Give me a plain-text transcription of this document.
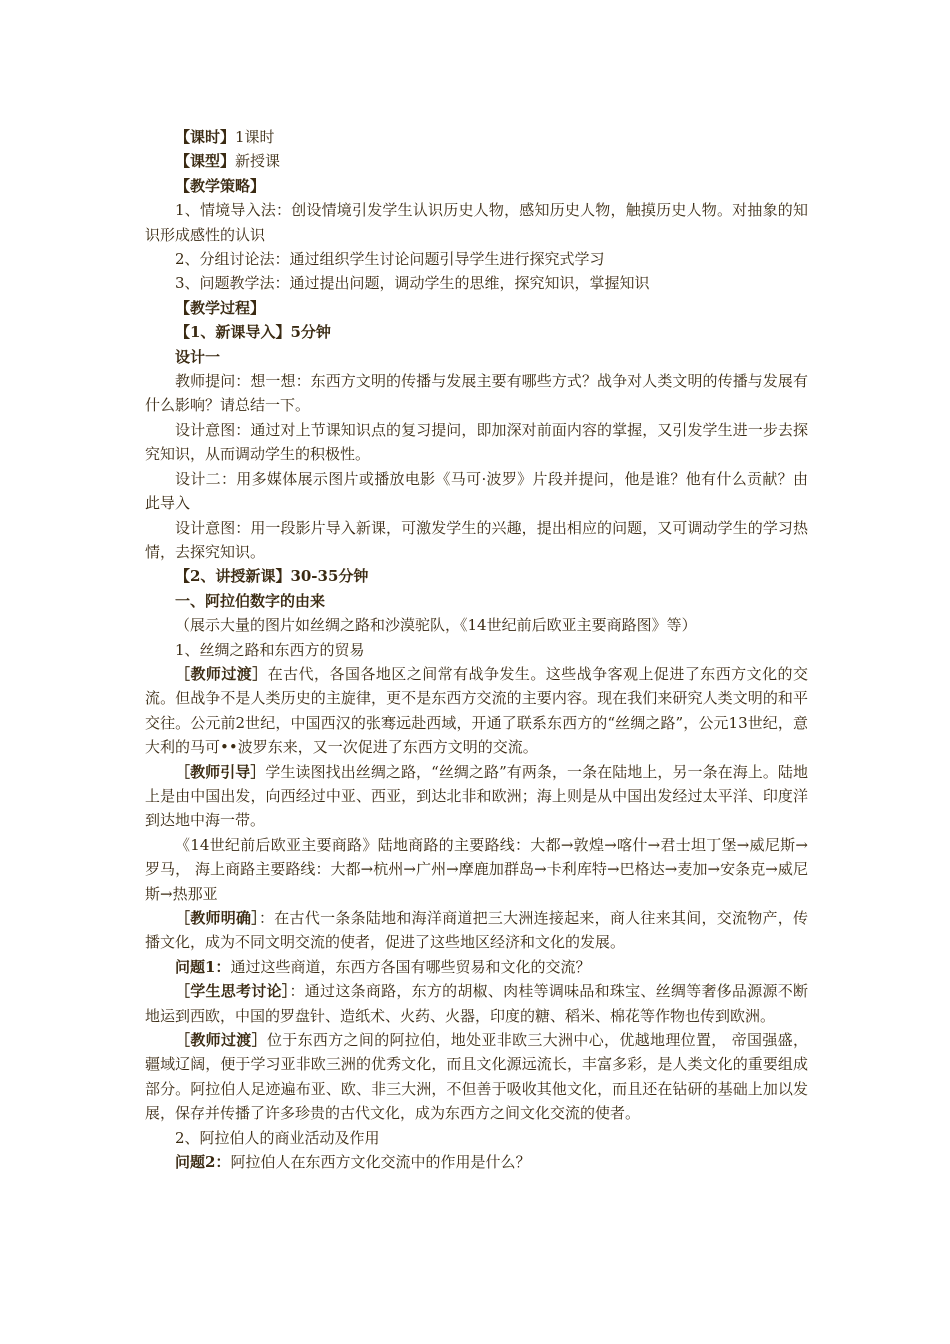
【课时】1课时
【课型】新授课
【教学策略】
1、情境导入法：创设情境引发学生认识历史人物，感知历史人物，触摸历史人物。对抽象的知识形成感性的认识
2、分组讨论法：通过组织学生讨论问题引导学生进行探究式学习
3、问题教学法：通过提出问题，调动学生的思维，探究知识，掌握知识
【教学过程】
【1、新课导入】5分钟
设计一
教师提问：想一想：东西方文明的传播与发展主要有哪些方式？战争对人类文明的传播与发展有什么影响？请总结一下。
设计意图：通过对上节课知识点的复习提问，即加深对前面内容的掌握，又引发学生进一步去探究知识，从而调动学生的积极性。
设计二：用多媒体展示图片或播放电影《马可·波罗》片段并提问，他是谁？他有什么贡献？由此导入
设计意图：用一段影片导入新课，可激发学生的兴趣，提出相应的问题，又可调动学生的学习热情，去探究知识。
【2、讲授新课】30-35分钟
一、阿拉伯数字的由来
（展示大量的图片如丝绸之路和沙漠驼队，《14世纪前后欧亚主要商路图》等）
1、丝绸之路和东西方的贸易
［教师过渡］在古代，各国各地区之间常有战争发生。这些战争客观上促进了东西方文化的交流。但战争不是人类历史的主旋律，更不是东西方交流的主要内容。现在我们来研究人类文明的和平交往。公元前2世纪，中国西汉的张骞远赴西域，开通了联系东西方的“丝绸之路”，公元13世纪，意大利的马可••波罗东来，又一次促进了东西方文明的交流。
［教师引导］学生读图找出丝绸之路，“丝绸之路”有两条，一条在陆地上，另一条在海上。陆地上是由中国出发，向西经过中亚、西亚，到达北非和欧洲；海上则是从中国出发经过太平洋、印度洋到达地中海一带。
《14世纪前后欧亚主要商路》陆地商路的主要路线：大都→敦煌→喀什→君士坦丁堡→威尼斯→罗马， 海上商路主要路线：大都→杭州→广州→摩鹿加群岛→卡利库特→巴格达→麦加→安条克→威尼斯→热那亚
［教师明确］：在古代一条条陆地和海洋商道把三大洲连接起来，商人往来其间，交流物产，传播文化，成为不同文明交流的使者，促进了这些地区经济和文化的发展。
问题1：通过这些商道，东西方各国有哪些贸易和文化的交流？
［学生思考讨论］：通过这条商路，东方的胡椒、肉桂等调味品和珠宝、丝绸等奢侈品源源不断地运到西欧，中国的罗盘针、造纸术、火药、火器，印度的糖、稻米、棉花等作物也传到欧洲。
［教师过渡］位于东西方之间的阿拉伯，地处亚非欧三大洲中心，优越地理位置， 帝国强盛，疆域辽阔，便于学习亚非欧三洲的优秀文化，而且文化源远流长，丰富多彩，是人类文化的重要组成部分。阿拉伯人足迹遍布亚、欧、非三大洲，不但善于吸收其他文化，而且还在钻研的基础上加以发展，保存并传播了许多珍贵的古代文化，成为东西方之间文化交流的使者。
2、阿拉伯人的商业活动及作用
问题2：阿拉伯人在东西方文化交流中的作用是什么？
